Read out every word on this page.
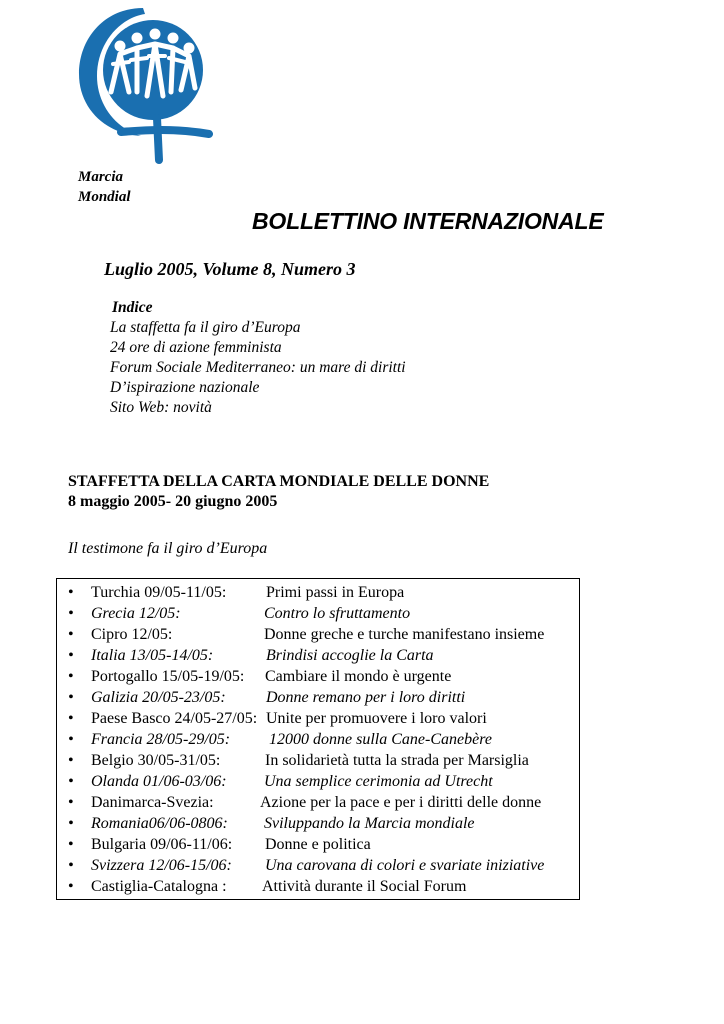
Marcia
Mondial
BOLLETTINO INTERNAZIONALE
Luglio 2005, Volume 8, Numero 3
Indice
La staffetta fa il giro d’Europa
24 ore di azione femminista
Forum Sociale Mediterraneo: un mare di diritti
D’ispirazione nazionale
Sito Web: novità
STAFFETTA DELLA CARTA MONDIALE DELLE DONNE
8 maggio 2005- 20 giugno 2005
Il testimone fa il giro d’Europa
• Turchia 09/05-11/05: Primi passi in Europa
• Grecia 12/05:	Contro lo sfruttamento
• Cipro 12/05:	Donne greche e turche manifestano insieme
• Italia 13/05-14/05:	Brindisi accoglie la Carta
• Portogallo 15/05-19/05: Cambiare il mondo è urgente
• Galizia 20/05-23/05:	Donne remano per i loro diritti
• Paese Basco 24/05-27/05: Unite per promuovere i loro valori
• Francia 28/05-29/05: 12000 donne sulla Cane-Canebère
• Belgio 30/05-31/05:	In solidarietà tutta la strada per Marsiglia
• Olanda 01/06-03/06: Una semplice cerimonia ad Utrecht
• Danimarca-Svezia:	Azione per la pace e per i diritti delle donne
• Romania06/06-0806: Sviluppando la Marcia mondiale
• Bulgaria 09/06-11/06: Donne e politica
• Svizzera 12/06-15/06: Una carovana di colori e svariate iniziative
• Castiglia-Catalogna : Attività durante il Social Forum
